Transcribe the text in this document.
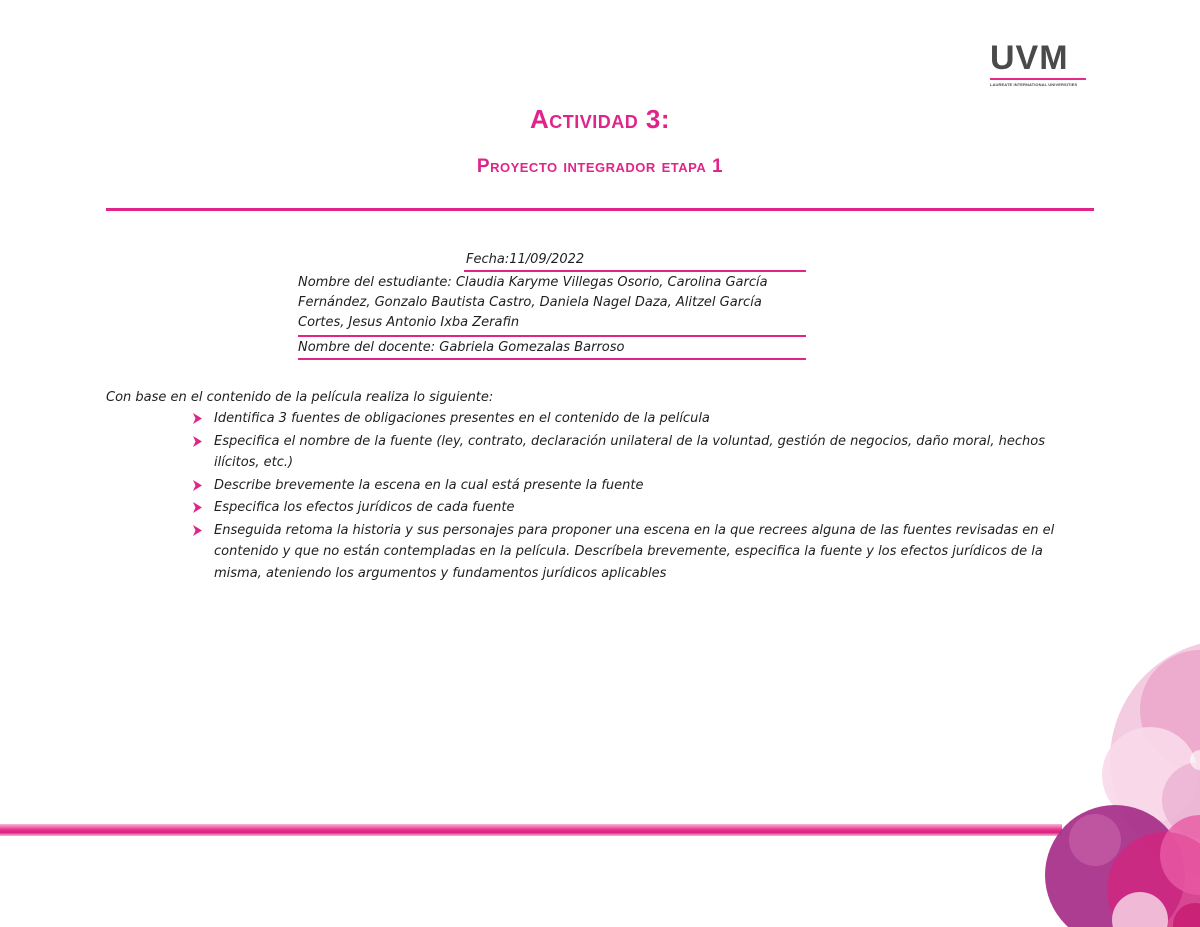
UVM
LAUREATE INTERNATIONAL UNIVERSITIES
Actividad 3:
Proyecto integrador etapa 1
Fecha:11/09/2022
Nombre del estudiante: Claudia Karyme Villegas Osorio, Carolina García Fernández, Gonzalo Bautista Castro, Daniela Nagel Daza, Alitzel García Cortes, Jesus Antonio Ixba Zerafin
Nombre del docente: Gabriela Gomezalas Barroso

Con base en el contenido de la película realiza lo siguiente:

Identifica 3 fuentes de obligaciones presentes en el contenido de la película
Especifica el nombre de la fuente (ley, contrato, declaración unilateral de la voluntad, gestión de negocios, daño moral, hechos ilícitos, etc.)
Describe brevemente la escena en la cual está presente la fuente
Especifica los efectos jurídicos de cada fuente
Enseguida retoma la historia y sus personajes para proponer una escena en la que recrees alguna de las fuentes revisadas en el contenido y que no están contempladas en la película. Descríbela brevemente, especifica la fuente y los efectos jurídicos de la misma, ateniendo los argumentos y fundamentos jurídicos aplicables
